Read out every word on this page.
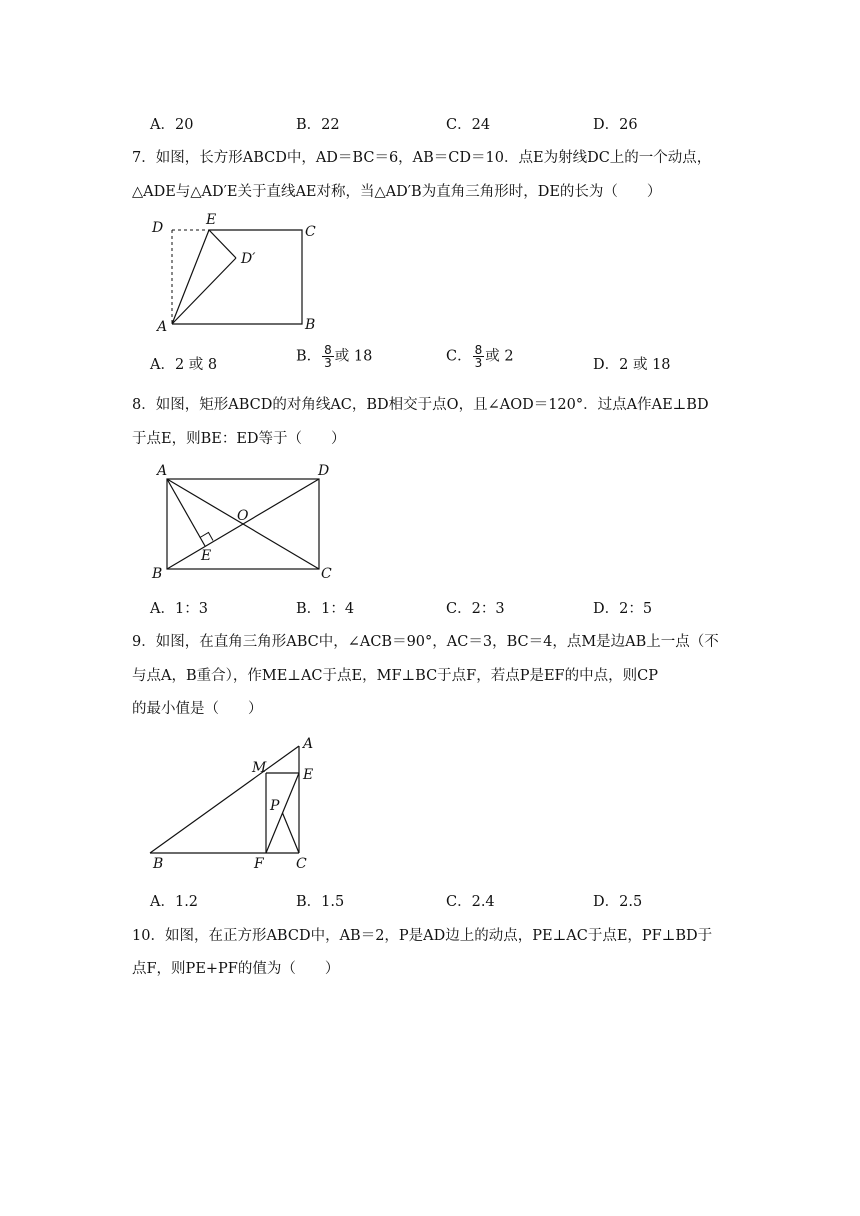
A．20	B．22	C．24	D．26
7．如图，长方形ABCD中，AD＝BC＝6，AB＝CD＝10．点E为射线DC上的一个动点，
△ADE与△AD′E关于直线AE对称，当△AD′B为直角三角形时，DE的长为（　　）
D	E
C
D′
A	B
A．2 或 8
B． $\frac{8}{3}$ 或 18	C． $\frac{8}{3}$ 或 2
D．2 或 18
8．如图，矩形ABCD的对角线AC，BD相交于点O，且∠AOD＝120°．过点A作AE⊥BD
于点E，则BE：ED等于（　　）
A	D
O
E
B	C
A．1：3	B．1：4	C．2：3	D．2：5
9．如图，在直角三角形ABC中，∠ACB＝90°，AC＝3，BC＝4，点M是边AB上一点（不
与点A，B重合），作ME⊥AC于点E，MF⊥BC于点F，若点P是EF的中点，则CP
的最小值是（　　）
A
M	E
P
B	F C
A．1.2	B．1.5	C．2.4	D．2.5
10．如图，在正方形ABCD中，AB＝2，P是AD边上的动点，PE⊥AC于点E，PF⊥BD于
点F，则PE+PF的值为（　　）
